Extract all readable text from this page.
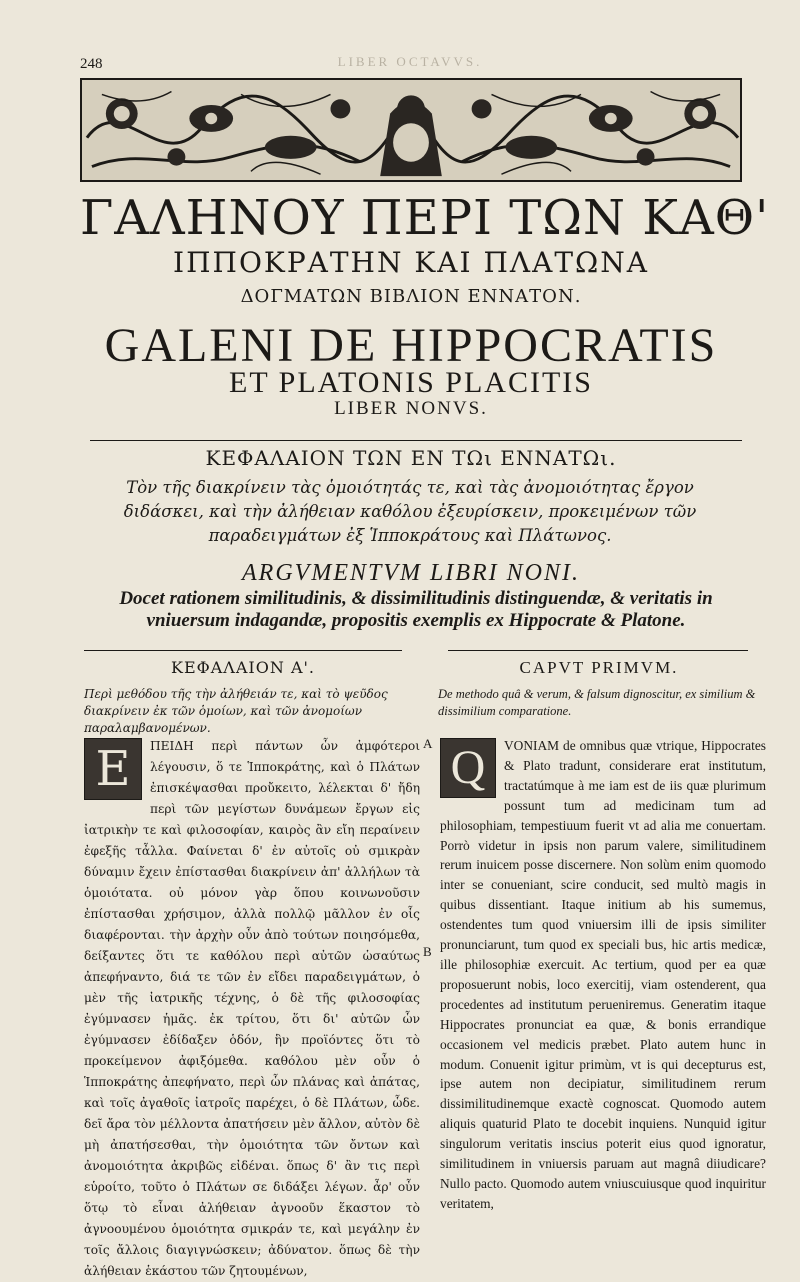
248	LIBER OCTAVVS.
ΓΑΛΗΝΟΥ ΠΕΡΙ ΤΩΝ ΚΑΘ'
ΙΠΠΟΚΡΑΤΗΝ ΚΑΙ ΠΛΑΤΩΝΑ
ΔΟΓΜΑΤΩΝ ΒΙΒΛΙΟΝ ΕΝΝΑΤΟΝ.
GALENI DE HIPPOCRATIS
ET PLATONIS PLACITIS
LIBER NONVS.
ΚΕΦΑΛΑΙΟΝ ΤΩΝ ΕΝ ΤΩι ΕΝΝΑΤΩι.
Τὸν τῆς διακρίνειν τὰς ὁμοιότητάς τε, καὶ τὰς ἀνομοιότητας ἔργον διδάσκει, καὶ τὴν ἀλήθειαν καθόλου ἐξευρίσκειν, προκειμένων τῶν παραδειγμάτων ἐξ Ἱπποκράτους καὶ Πλάτωνος.
ARGVMENTVM LIBRI NONI.
Docet rationem similitudinis, & dissimilitudinis distinguendæ, & veritatis in vniuersum indagandæ, propositis exemplis ex Hippocrate & Platone.
ΚΕΦΑΛΑΙΟΝ Α'.	CAPVT PRIMVM.
Περὶ μεθόδου τῆς τὴν ἀλήθειάν τε, καὶ τὸ ψεῦδος διακρίνειν ἐκ τῶν ὁμοίων, καὶ τῶν ἀνομοίων παραλαμβανομένων.
De methodo quâ & verum, & falsum dignoscitur, ex similium & dissimilium comparatione.

Ε	ΠΕΙΔΗ περὶ πάντων ὧν ἀμφότεροι λέγουσιν, ὅ τε Ἱπποκράτης, καὶ ὁ Πλάτων ἐπισκέψασθαι προὔκειτο, λέλεκται δ' ἤδη περὶ τῶν μεγίστων δυνάμεων ἔργων εἰς ἰατρικὴν τε καὶ φιλοσοφίαν, καιρὸς ἂν εἴη περαίνειν ἐφεξῆς τἆλλα. Φαίνεται δ' ἐν αὐτοῖς οὐ σμικρὰν δύναμιν ἔχειν ἐπίστασθαι διακρίνειν ἀπ' ἀλλήλων τὰ ὁμοιότατα. οὐ μόνον γὰρ ὅπου κοινωνοῦσιν ἐπίστασθαι χρήσιμον, ἀλλὰ πολλῷ μᾶλλον ἐν οἷς διαφέρονται. τὴν ἀρχὴν οὖν ἀπὸ τούτων ποιησόμεθα, δείξαντες ὅτι τε καθόλου περὶ αὐτῶν ὡσαύτως ἀπεφήναντο, διά τε τῶν ἐν εἴδει παραδειγμάτων, ὁ μὲν τῆς ἰατρικῆς τέχνης, ὁ δὲ τῆς φιλοσοφίας ἐγύμνασεν ἡμᾶς. ἐκ τρίτου, ὅτι δι' αὐτῶν ὧν ἐγύμνασεν ἐδίδαξεν ὁδόν, ἣν προϊόντες ὅτι τὸ προκείμενον ἀφιξόμεθα. καθόλου μὲν οὖν ὁ Ἱπποκράτης ἀπεφήνατο, περὶ ὧν πλάνας καὶ ἀπάτας, καὶ τοῖς ἀγαθοῖς ἰατροῖς παρέχει, ὁ δὲ Πλάτων, ὧδε. δεῖ ἄρα τὸν μέλλοντα ἀπατήσειν μὲν ἄλλον, αὐτὸν δὲ μὴ ἀπατήσεσθαι, τὴν ὁμοιότητα τῶν ὄντων καὶ ἀνομοιότητα ἀκριβῶς εἰδέναι. ὅπως δ' ἂν τις περὶ εὑροίτο, τοῦτο ὁ Πλάτων σε διδάξει λέγων. ἆρ' οὖν ὅτῳ τὸ εἶναι ἀλήθειαν ἀγνοοῦν ἕκαστον τὸ ἀγνοουμένου ὁμοιότητα σμικράν τε, καὶ μεγάλην ἐν τοῖς ἄλλοις διαγιγνώσκειν; ἀδύνατον. ὅπως δὲ τὴν ἀλήθειαν ἑκάστου τῶν ζητουμένων,

A
B

Q	VONIAM de omnibus quæ vtrique, Hippocrates & Plato tradunt, considerare erat institutum, tractatúmque à me iam est de iis quæ plurimum possunt tum ad medicinam tum ad philosophiam, tempestiuum fuerit vt ad alia me conuertam. Porrò videtur in ipsis non parum valere, similitudinem rerum inuicem posse discernere. Non solùm enim quomodo inter se conueniant, scire conducit, sed multò magis in quibus dissentiant. Itaque initium ab his sumemus, ostendentes tum quod vniuersim illi de ipsis similiter pronunciarunt, tum quod ex speciali bus, hic artis medicæ, ille philosophiæ exercuit. Ac tertium, quod per ea quæ proposuerunt nobis, loco exercitij, viam ostenderent, qua procedentes ad institutum perueniremus. Generatim itaque Hippocrates pronunciat ea quæ, & bonis errandique occasionem vel medicis præbet. Plato autem hunc in modum. Conuenit igitur primùm, vt is qui decepturus est, ipse autem non decipiatur, similitudinem rerum dissimilitudinemque exactè cognoscat. Quomodo autem aliquis quaturid Plato te docebit inquiens. Nunquid igitur singulorum veritatis inscius poterit eius quod ignoratur, similitudinem in vniuersis paruam aut magnâ diiudicare? Nullo pacto. Quomodo autem vniuscuiusque quod inquiritur veritatem,
